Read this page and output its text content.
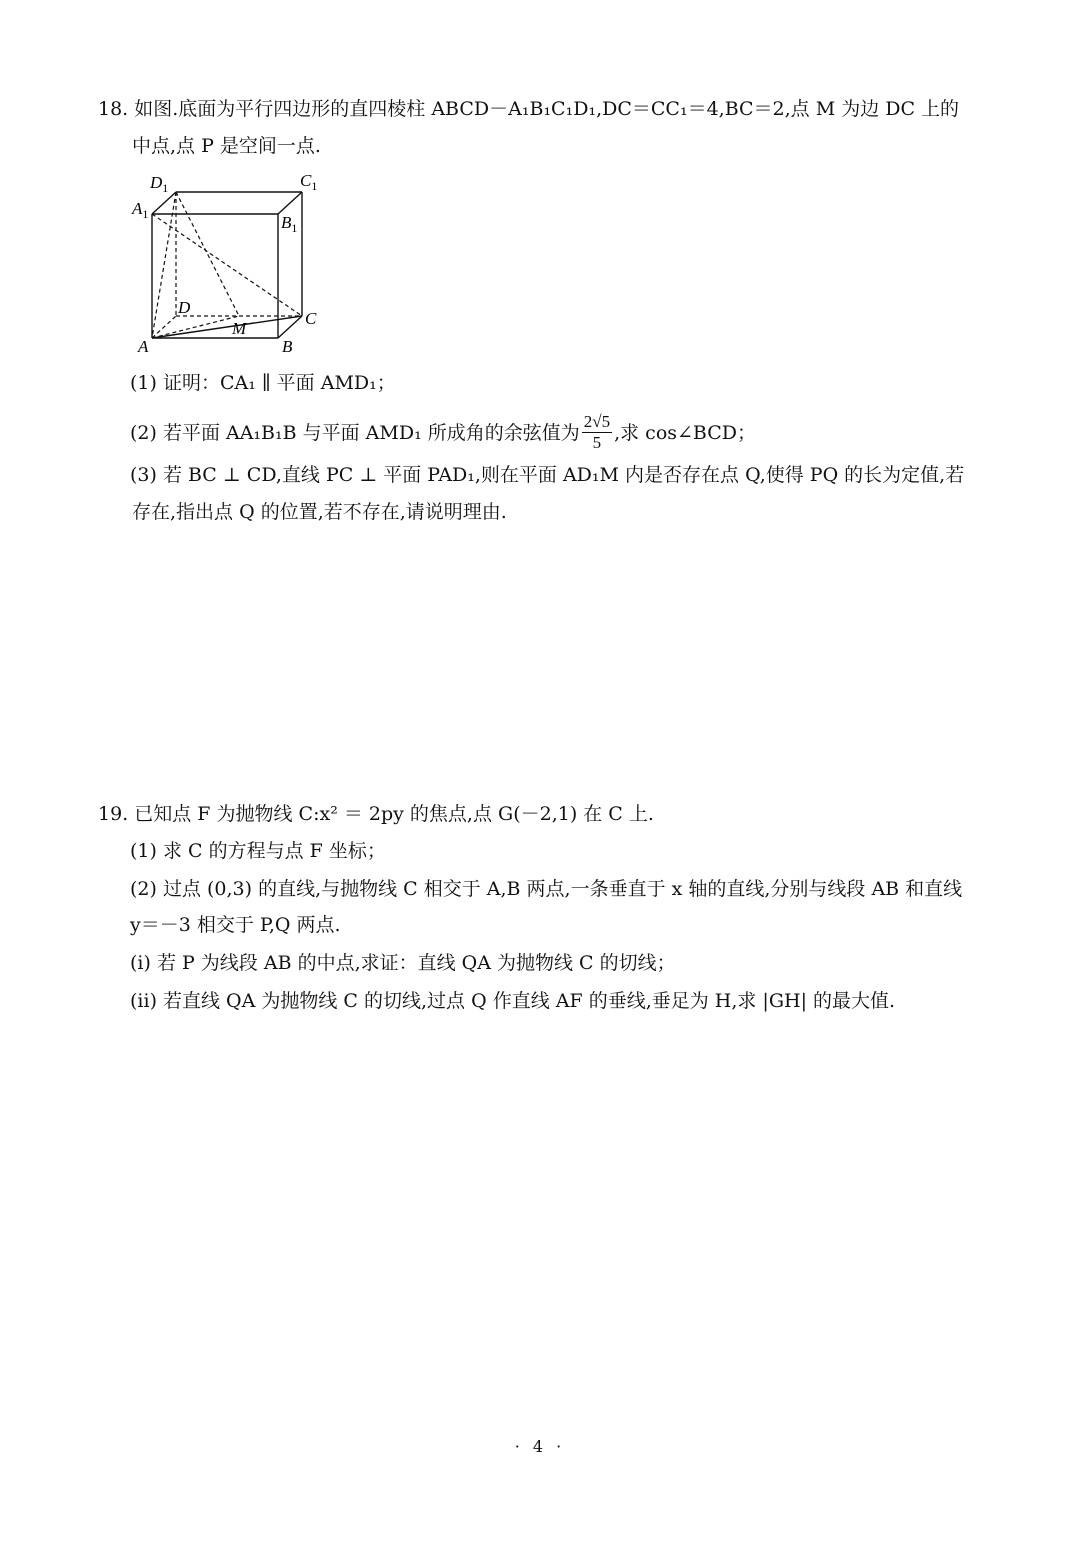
18. 如图.底面为平行四边形的直四棱柱 ABCD－A₁B₁C₁D₁,DC＝CC₁＝4,BC＝2,点 M 为边 DC 上的
中点,点 P 是空间一点.
$D_1$	$C_1$
$A_1$	$B_1$
D
M
C
A	B
(1) 证明：CA₁ ∥ 平面 AMD₁；
(2) 若平面 AA₁B₁B 与平面 AMD₁ 所成角的余弦值为 $\frac{2√5}{5}$ ,求 cos∠BCD；
(3) 若 BC ⊥ CD,直线 PC ⊥ 平面 PAD₁,则在平面 AD₁M 内是否存在点 Q,使得 PQ 的长为定值,若
存在,指出点 Q 的位置,若不存在,请说明理由.
19. 已知点 F 为抛物线 C:x² ＝ 2py 的焦点,点 G(－2,1) 在 C 上.
(1) 求 C 的方程与点 F 坐标；
(2) 过点 (0,3) 的直线,与抛物线 C 相交于 A,B 两点,一条垂直于 x 轴的直线,分别与线段 AB 和直线
y＝－3 相交于 P,Q 两点.
(i) 若 P 为线段 AB 的中点,求证：直线 QA 为抛物线 C 的切线；
(ii) 若直线 QA 为抛物线 C 的切线,过点 Q 作直线 AF 的垂线,垂足为 H,求 |GH| 的最大值.
· 4 ·
